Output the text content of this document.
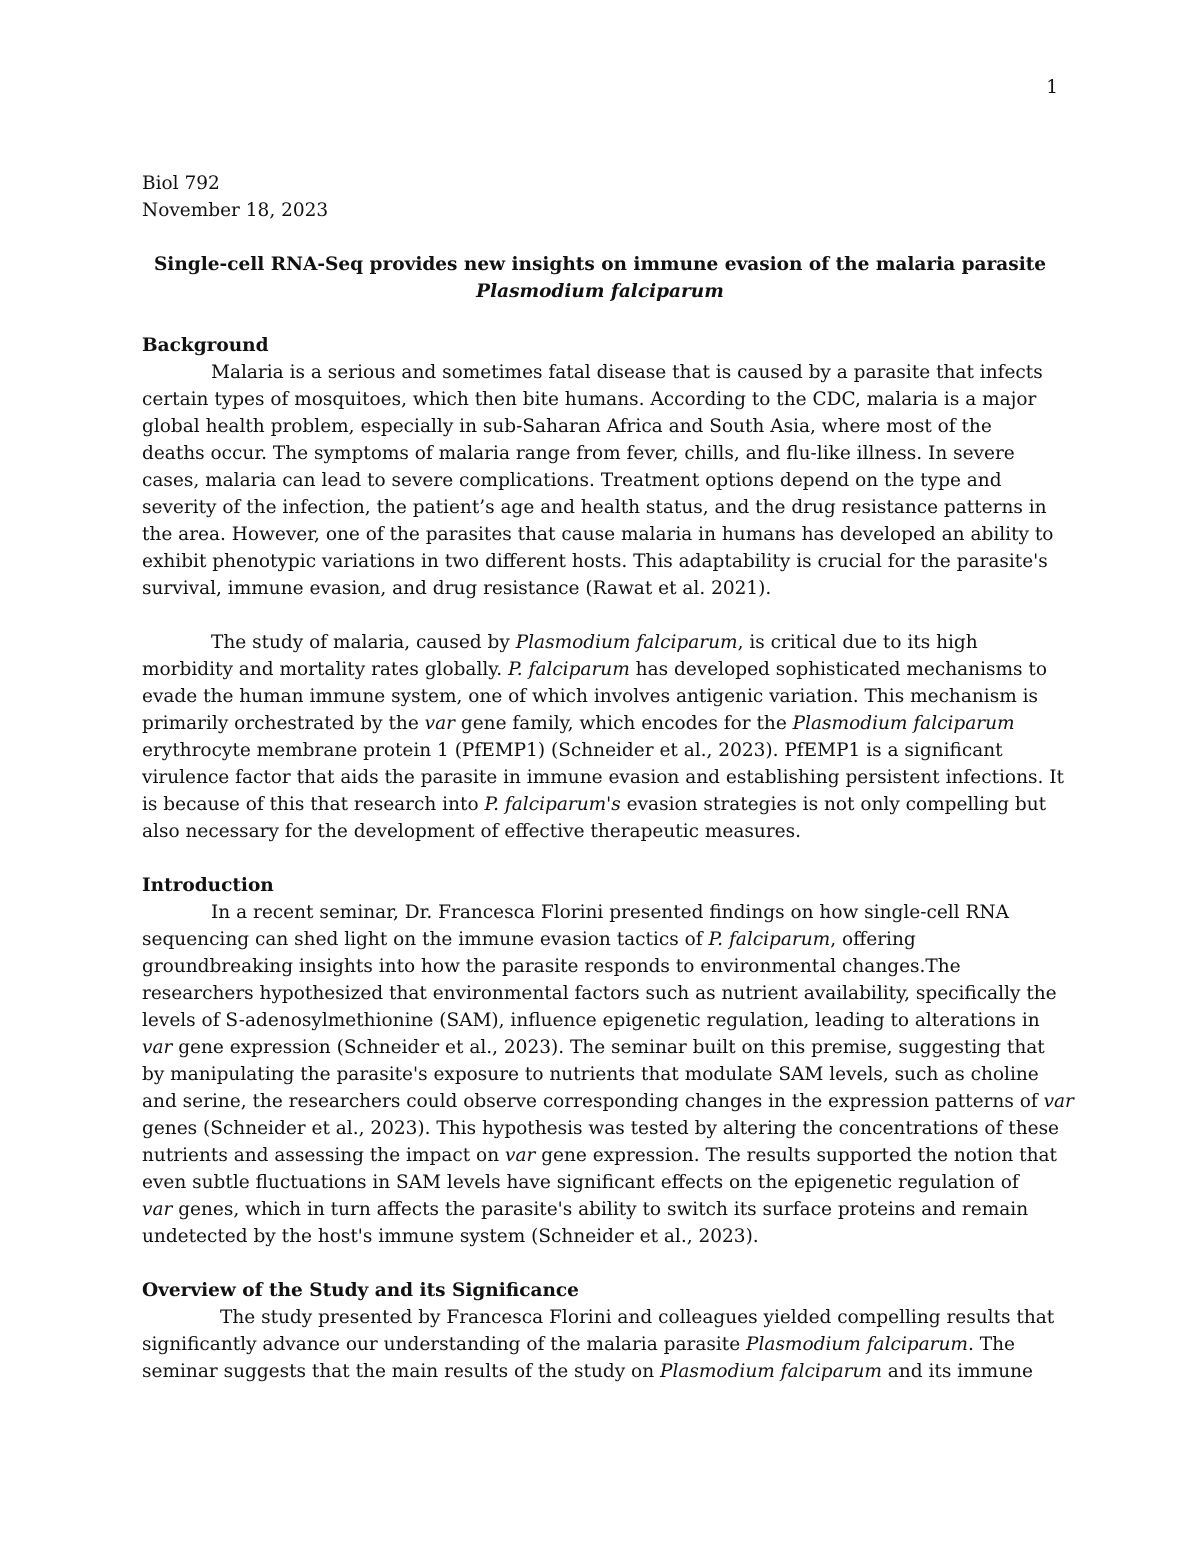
1
Biol 792
November 18, 2023
Single-cell RNA-Seq provides new insights on immune evasion of the malaria parasite
Plasmodium falciparum
Background
Malaria is a serious and sometimes fatal disease that is caused by a parasite that infects
certain types of mosquitoes, which then bite humans. According to the CDC, malaria is a major
global health problem, especially in sub-Saharan Africa and South Asia, where most of the
deaths occur. The symptoms of malaria range from fever, chills, and flu-like illness. In severe
cases, malaria can lead to severe complications. Treatment options depend on the type and
severity of the infection, the patient’s age and health status, and the drug resistance patterns in
the area. However, one of the parasites that cause malaria in humans has developed an ability to
exhibit phenotypic variations in two different hosts. This adaptability is crucial for the parasite's
survival, immune evasion, and drug resistance (Rawat et al. 2021).
The study of malaria, caused by Plasmodium falciparum, is critical due to its high
morbidity and mortality rates globally. P. falciparum has developed sophisticated mechanisms to
evade the human immune system, one of which involves antigenic variation. This mechanism is
primarily orchestrated by the var gene family, which encodes for the Plasmodium falciparum
erythrocyte membrane protein 1 (PfEMP1) (Schneider et al., 2023). PfEMP1 is a significant
virulence factor that aids the parasite in immune evasion and establishing persistent infections. It
is because of this that research into P. falciparum's evasion strategies is not only compelling but
also necessary for the development of effective therapeutic measures.
Introduction
In a recent seminar, Dr. Francesca Florini presented findings on how single-cell RNA
sequencing can shed light on the immune evasion tactics of P. falciparum, offering
groundbreaking insights into how the parasite responds to environmental changes.The
researchers hypothesized that environmental factors such as nutrient availability, specifically the
levels of S-adenosylmethionine (SAM), influence epigenetic regulation, leading to alterations in
var gene expression (Schneider et al., 2023). The seminar built on this premise, suggesting that
by manipulating the parasite's exposure to nutrients that modulate SAM levels, such as choline
and serine, the researchers could observe corresponding changes in the expression patterns of var
genes (Schneider et al., 2023). This hypothesis was tested by altering the concentrations of these
nutrients and assessing the impact on var gene expression. The results supported the notion that
even subtle fluctuations in SAM levels have significant effects on the epigenetic regulation of
var genes, which in turn affects the parasite's ability to switch its surface proteins and remain
undetected by the host's immune system (Schneider et al., 2023).
Overview of the Study and its Significance
The study presented by Francesca Florini and colleagues yielded compelling results that
significantly advance our understanding of the malaria parasite Plasmodium falciparum. The
seminar suggests that the main results of the study on Plasmodium falciparum and its immune
